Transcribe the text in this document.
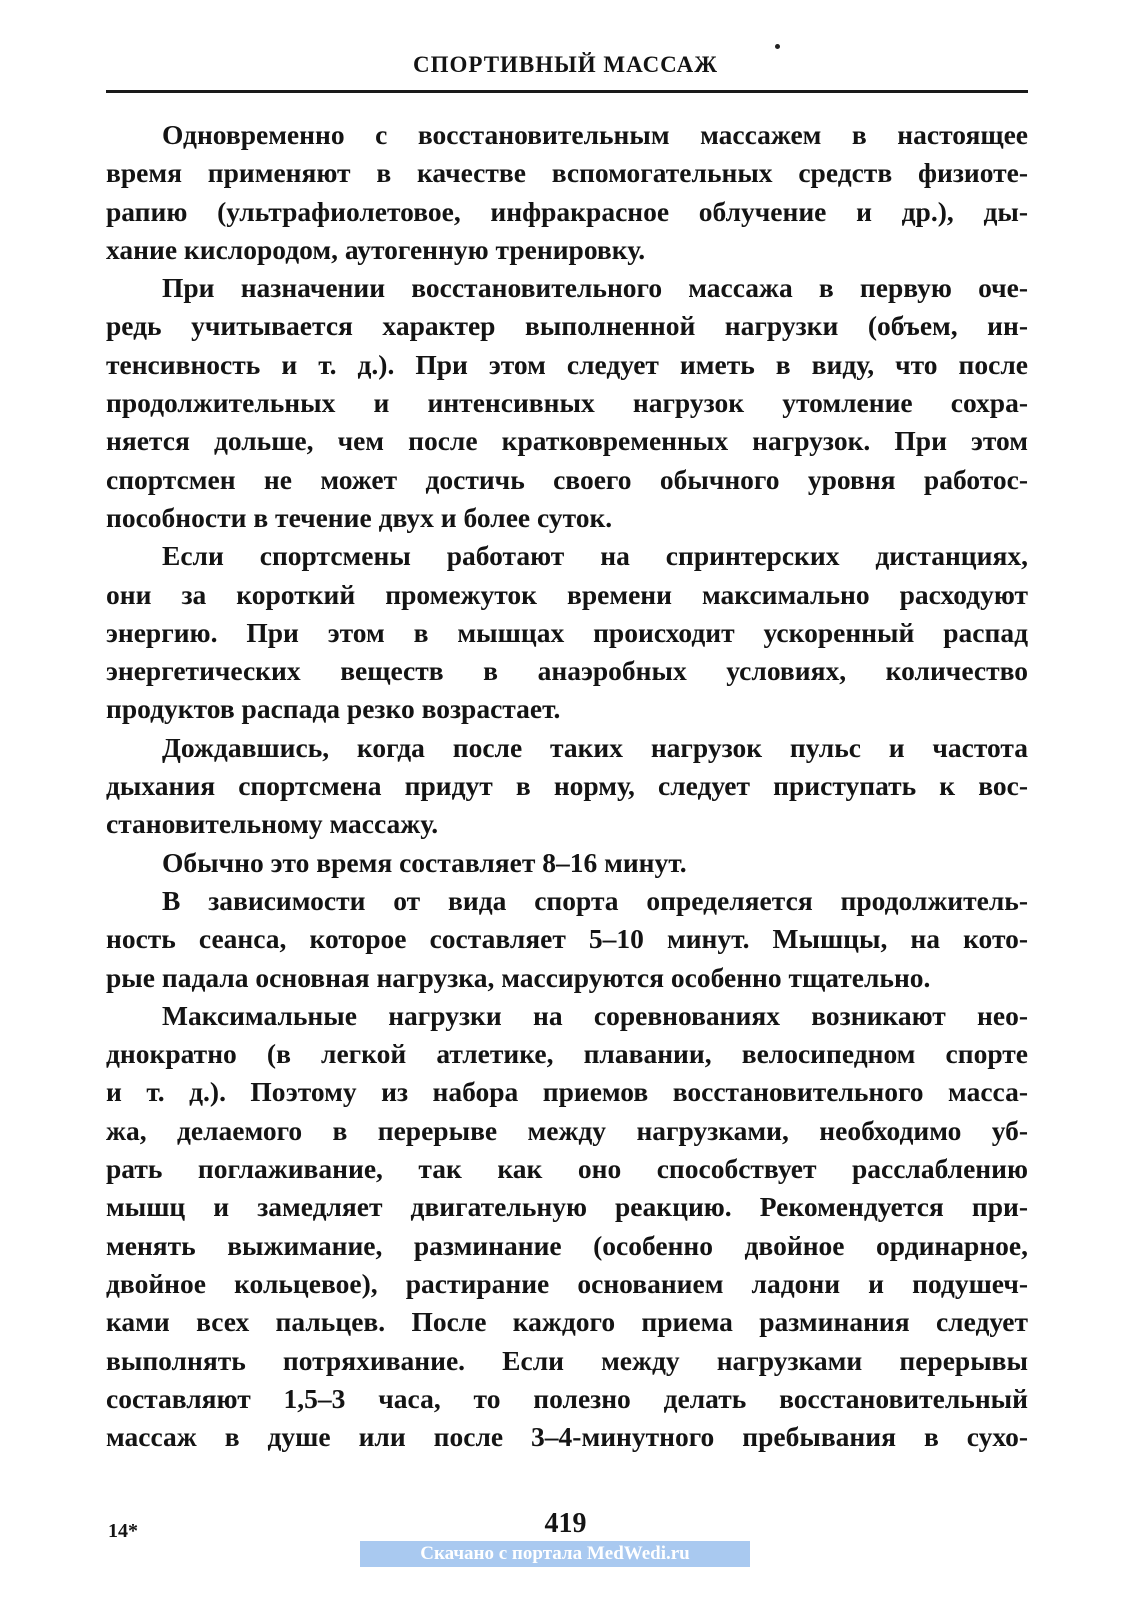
СПОРТИВНЫЙ МАССАЖ
Одновременно с восстановительным массажем в настоящее
время применяют в качестве вспомогательных средств физиоте-
рапию (ультрафиолетовое, инфракрасное облучение и др.), ды-
хание кислородом, аутогенную тренировку.
При назначении восстановительного массажа в первую оче-
редь учитывается характер выполненной нагрузки (объем, ин-
тенсивность и т. д.). При этом следует иметь в виду, что после
продолжительных и интенсивных нагрузок утомление сохра-
няется дольше, чем после кратковременных нагрузок. При этом
спортсмен не может достичь своего обычного уровня работос-
пособности в течение двух и более суток.
Если спортсмены работают на спринтерских дистанциях,
они за короткий промежуток времени максимально расходуют
энергию. При этом в мышцах происходит ускоренный распад
энергетических веществ в анаэробных условиях, количество
продуктов распада резко возрастает.
Дождавшись, когда после таких нагрузок пульс и частота
дыхания спортсмена придут в норму, следует приступать к вос-
становительному массажу.
Обычно это время составляет 8–16 минут.
В зависимости от вида спорта определяется продолжитель-
ность сеанса, которое составляет 5–10 минут. Мышцы, на кото-
рые падала основная нагрузка, массируются особенно тщательно.
Максимальные нагрузки на соревнованиях возникают нео-
днократно (в легкой атлетике, плавании, велосипедном спорте
и т. д.). Поэтому из набора приемов восстановительного масса-
жа, делаемого в перерыве между нагрузками, необходимо уб-
рать поглаживание, так как оно способствует расслаблению
мышц и замедляет двигательную реакцию. Рекомендуется при-
менять выжимание, разминание (особенно двойное ординарное,
двойное кольцевое), растирание основанием ладони и подушеч-
ками всех пальцев. После каждого приема разминания следует
выполнять потряхивание. Если между нагрузками перерывы
составляют 1,5–3 часа, то полезно делать восстановительный
массаж в душе или после 3–4-минутного пребывания в сухо-
14*	419
Скачано с портала MedWedi.ru
